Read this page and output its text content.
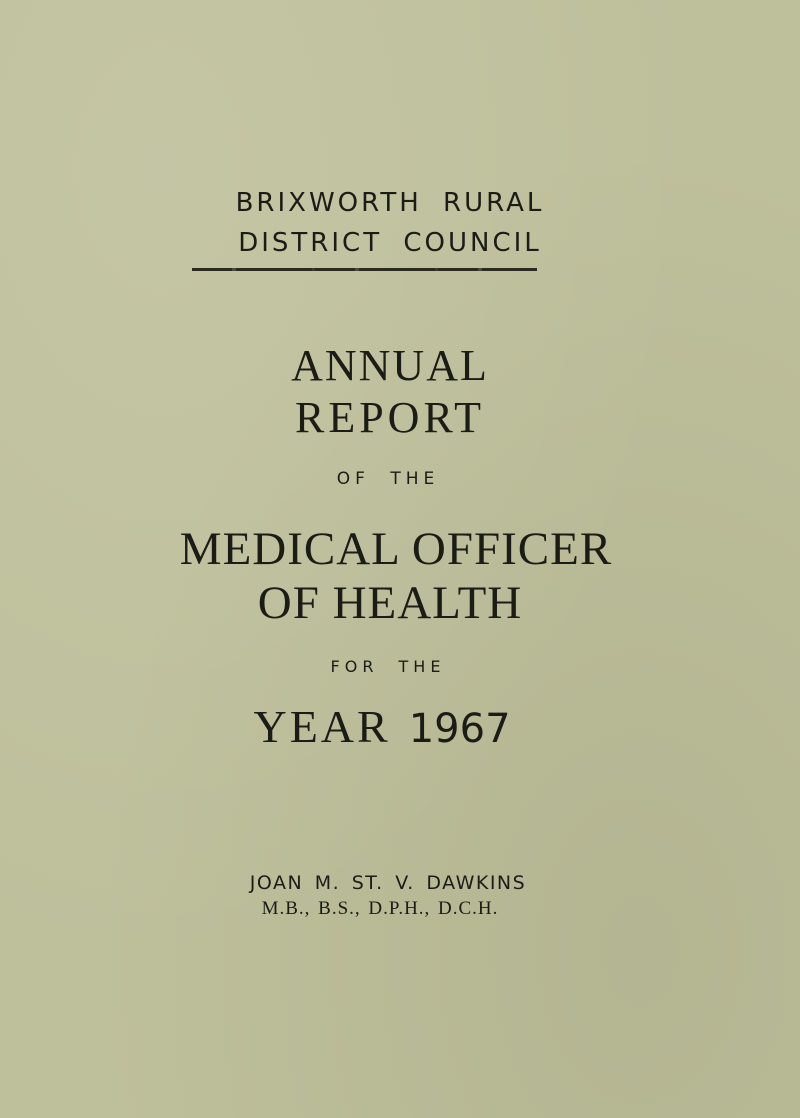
BRIXWORTH RURAL

DISTRICT COUNCIL

ANNUAL

REPORT

OF THE

MEDICAL OFFICER

OF HEALTH

FOR THE

YEAR 1967

JOAN M. ST. V. DAWKINS

M.B., B.S., D.P.H., D.C.H.
